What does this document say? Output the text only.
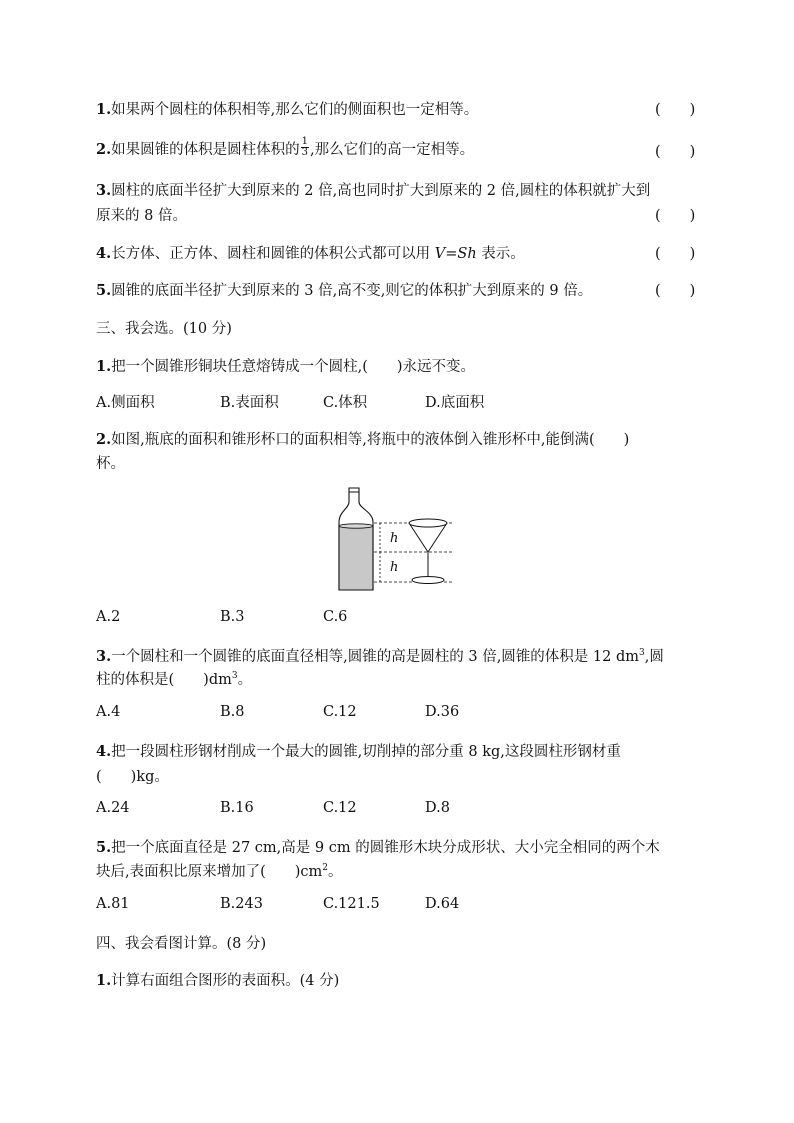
1.如果两个圆柱的体积相等,那么它们的侧面积也一定相等。	(　　)
2.如果圆锥的体积是圆柱体积的 $\frac{1}{3}$ ,那么它们的高一定相等。	(　　)
3.圆柱的底面半径扩大到原来的 2 倍,高也同时扩大到原来的 2 倍,圆柱的体积就扩大到
原来的 8 倍。	(　　)
4.长方体、正方体、圆柱和圆锥的体积公式都可以用 V=Sh 表示。	(　　)
5.圆锥的底面半径扩大到原来的 3 倍,高不变,则它的体积扩大到原来的 9 倍。	(　　)
三、我会选。(10 分)
1.把一个圆锥形铜块任意熔铸成一个圆柱,(　　)永远不变。
A.侧面积	B.表面积	C.体积	D.底面积
2.如图,瓶底的面积和锥形杯口的面积相等,将瓶中的液体倒入锥形杯中,能倒满(　　)
杯。
h
h
A.2	B.3	C.6
3.一个圆柱和一个圆锥的底面直径相等,圆锥的高是圆柱的 3 倍,圆锥的体积是 12 $dm^3$,圆
柱的体积是(　　)$dm^3$。
A.4	B.8	C.12	D.36
4.把一段圆柱形钢材削成一个最大的圆锥,切削掉的部分重 8 kg,这段圆柱形钢材重
(　　)kg。
A.24	B.16	C.12	D.8
5.把一个底面直径是 27 cm,高是 9 cm 的圆锥形木块分成形状、大小完全相同的两个木
块后,表面积比原来增加了(　　)$cm^2$。
A.81	B.243	C.121.5	D.64
四、我会看图计算。(8 分)
1.计算右面组合图形的表面积。(4 分)
